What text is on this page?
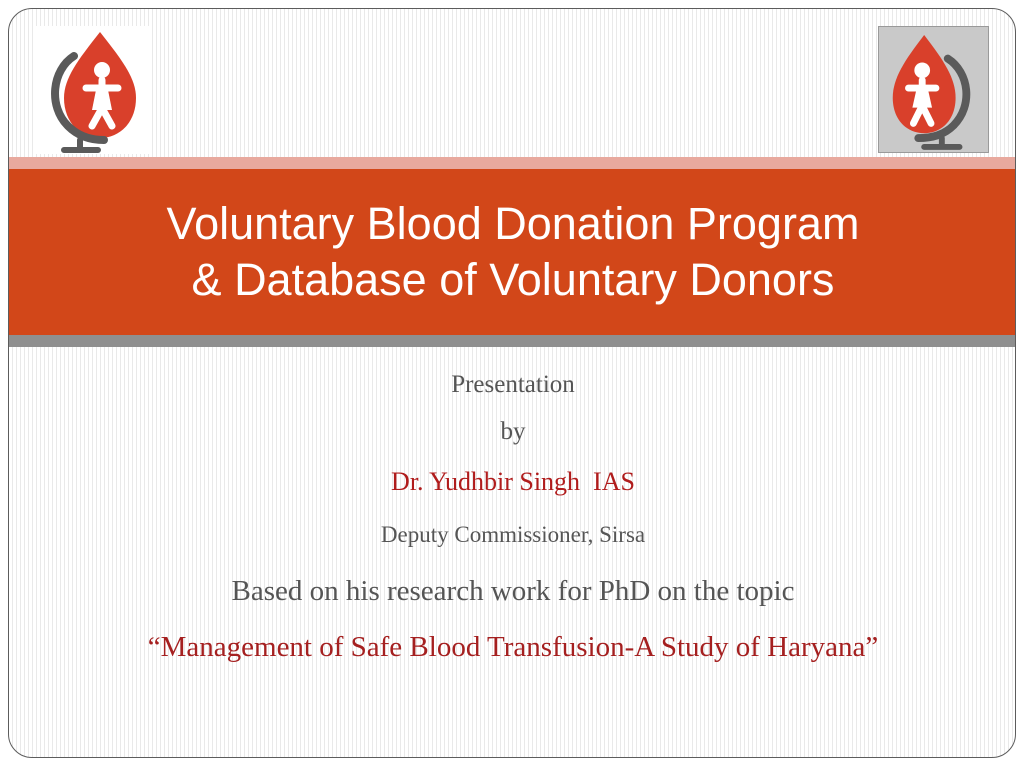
Voluntary Blood Donation Program
& Database of Voluntary Donors
Presentation
by
Dr. Yudhbir Singh  IAS
Deputy Commissioner, Sirsa
Based on his research work for PhD on the topic
“Management of Safe Blood Transfusion-A Study of Haryana”
